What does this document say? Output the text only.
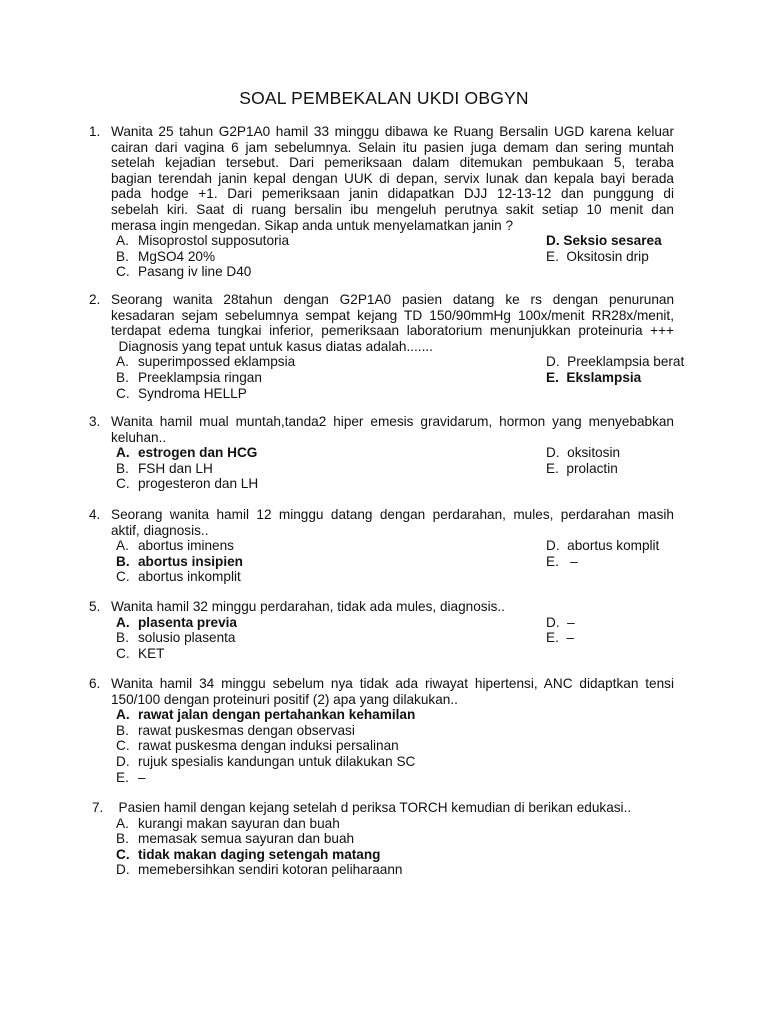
SOAL PEMBEKALAN UKDI OBGYN
1. Wanita 25 tahun G2P1A0 hamil 33 minggu dibawa ke Ruang Bersalin UGD karena keluar
cairan dari vagina 6 jam sebelumnya. Selain itu pasien juga demam dan sering muntah
setelah kejadian tersebut. Dari pemeriksaan dalam ditemukan pembukaan 5, teraba
bagian terendah janin kepal dengan UUK di depan, servix lunak dan kepala bayi berada
pada hodge +1. Dari pemeriksaan janin didapatkan DJJ 12-13-12 dan punggung di
sebelah kiri. Saat di ruang bersalin ibu mengeluh perutnya sakit setiap 10 menit dan
merasa ingin mengedan. Sikap anda untuk menyelamatkan janin ?
A. Misoprostol supposutoria	D. Seksio sesarea
B. MgSO4 20%	E. Oksitosin drip
C. Pasang iv line D40
2. Seorang wanita 28tahun dengan G2P1A0 pasien datang ke rs dengan penurunan
kesadaran sejam sebelumnya sempat kejang TD 150/90mmHg 100x/menit RR28x/menit,
terdapat edema tungkai inferior, pemeriksaan laboratorium menunjukkan proteinuria +++
Diagnosis yang tepat untuk kasus diatas adalah.......
A. superimpossed eklampsia	D. Preeklampsia berat
B. Preeklampsia ringan	E. Ekslampsia
C. Syndroma HELLP
3. Wanita hamil mual muntah,tanda2 hiper emesis gravidarum, hormon yang menyebabkan
keluhan..
A. estrogen dan HCG	D. oksitosin
B. FSH dan LH	E. prolactin
C. progesteron dan LH
4. Seorang wanita hamil 12 minggu datang dengan perdarahan, mules, perdarahan masih
aktif, diagnosis..
A. abortus iminens	D. abortus komplit
B. abortus insipien	E.   –
C. abortus inkomplit
5. Wanita hamil 32 minggu perdarahan, tidak ada mules, diagnosis..
A. plasenta previa	D. –
B. solusio plasenta	E. –
C. KET
6. Wanita hamil 34 minggu sebelum nya tidak ada riwayat hipertensi, ANC didaptkan tensi
150/100 dengan proteinuri positif (2) apa yang dilakukan..
A. rawat jalan dengan pertahankan kehamilan
B. rawat puskesmas dengan observasi
C. rawat puskesma dengan induksi persalinan
D. rujuk spesialis kandungan untuk dilakukan SC
E. –
7. Pasien hamil dengan kejang setelah d periksa TORCH kemudian di berikan edukasi..
A. kurangi makan sayuran dan buah
B. memasak semua sayuran dan buah
C. tidak makan daging setengah matang
D. memebersihkan sendiri kotoran peliharaann
